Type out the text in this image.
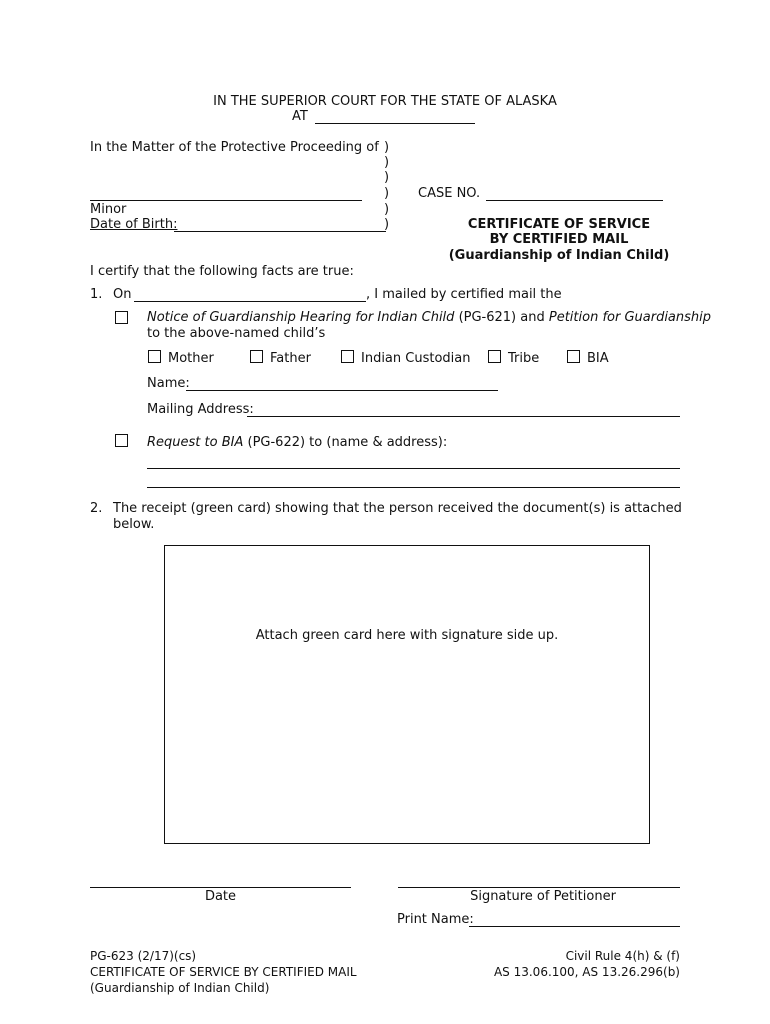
IN THE SUPERIOR COURT FOR THE STATE OF ALASKA
AT
In the Matter of the Protective Proceeding of )
)
)
)
)
)
Minor
Date of Birth:
CASE NO.
CERTIFICATE OF SERVICE
BY CERTIFIED MAIL
(Guardianship of Indian Child)
I certify that the following facts are true:
1. On	, I mailed by certified mail the
Notice of Guardianship Hearing for Indian Child (PG-621) and Petition for Guardianship
to the above-named child’s
Mother	Father	Indian Custodian	Tribe	BIA
Name:
Mailing Address:
Request to BIA (PG-622) to (name & address):
2. The receipt (green card) showing that the person received the document(s) is attached
below.
Attach green card here with signature side up.
Date	Signature of Petitioner
Print Name:
PG-623 (2/17)(cs)
CERTIFICATE OF SERVICE BY CERTIFIED MAIL
(Guardianship of Indian Child)
Civil Rule 4(h) & (f)
AS 13.06.100, AS 13.26.296(b)
